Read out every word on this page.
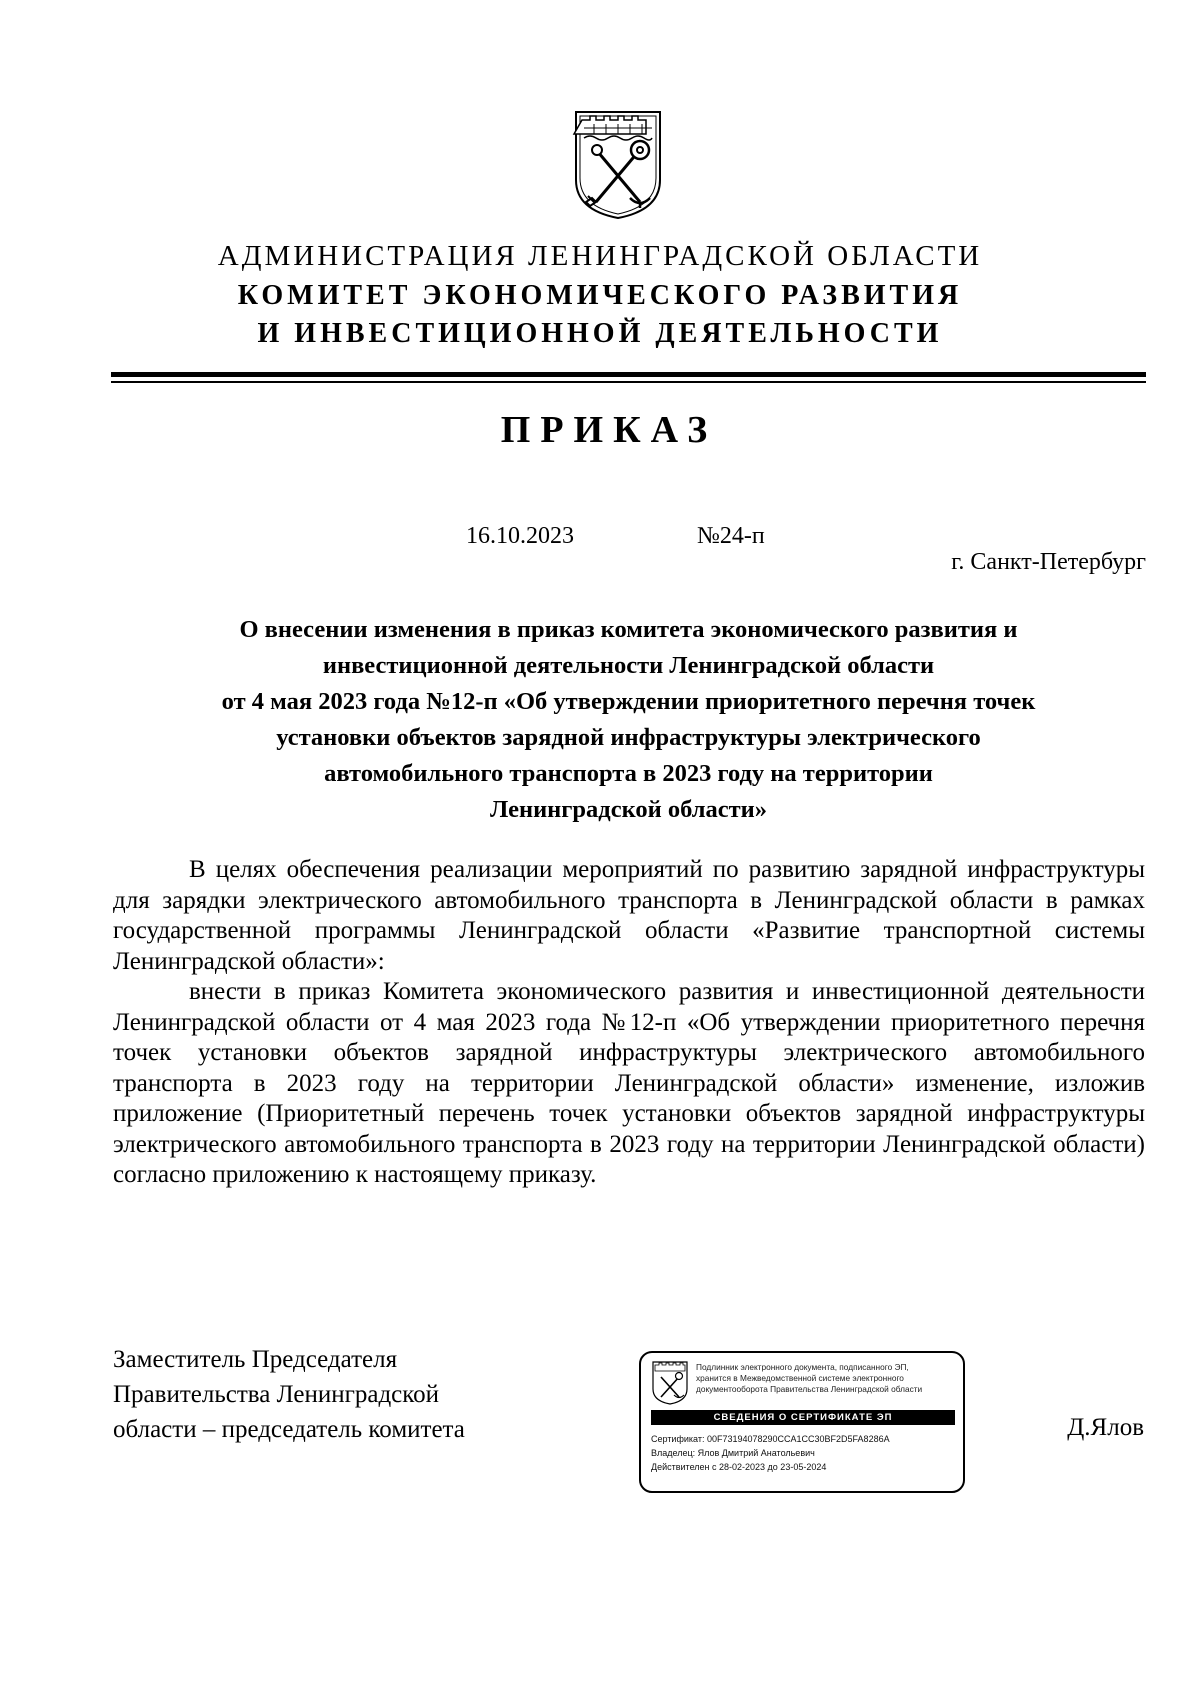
АДМИНИСТРАЦИЯ ЛЕНИНГРАДСКОЙ ОБЛАСТИ
КОМИТЕТ ЭКОНОМИЧЕСКОГО РАЗВИТИЯ
И ИНВЕСТИЦИОННОЙ ДЕЯТЕЛЬНОСТИ
ПРИКАЗ
16.10.2023	№24-п
г. Санкт-Петербург
О внесении изменения в приказ комитета экономического развития и
инвестиционной деятельности Ленинградской области
от 4 мая 2023 года №12-п «Об утверждении приоритетного перечня точек
установки объектов зарядной инфраструктуры электрического
автомобильного транспорта в 2023 году на территории
Ленинградской области»

В целях обеспечения реализации мероприятий по развитию зарядной инфраструктуры для зарядки электрического автомобильного транспорта в Ленинградской области в рамках государственной программы Ленинградской области «Развитие транспортной системы Ленинградской области»:

внести в приказ Комитета экономического развития и инвестиционной деятельности Ленинградской области от 4 мая 2023 года №12-п «Об утверждении приоритетного перечня точек установки объектов зарядной инфраструктуры электрического автомобильного транспорта в 2023 году на территории Ленинградской области» изменение, изложив приложение (Приоритетный перечень точек установки объектов зарядной инфраструктуры электрического автомобильного транспорта в 2023 году на территории Ленинградской области) согласно приложению к настоящему приказу.

Заместитель Председателя
Правительства Ленинградской
области – председатель комитета
Подлинник электронного документа, подписанного ЭП,
хранится в Межведомственной системе электронного
документооборота Правительства Ленинградской области
СВЕДЕНИЯ О СЕРТИФИКАТЕ ЭП
Сертификат: 00F73194078290CCA1CC30BF2D5FA8286A
Владелец: Ялов Дмитрий Анатольевич
Действителен с 28-02-2023 до 23-05-2024
Д.Ялов
